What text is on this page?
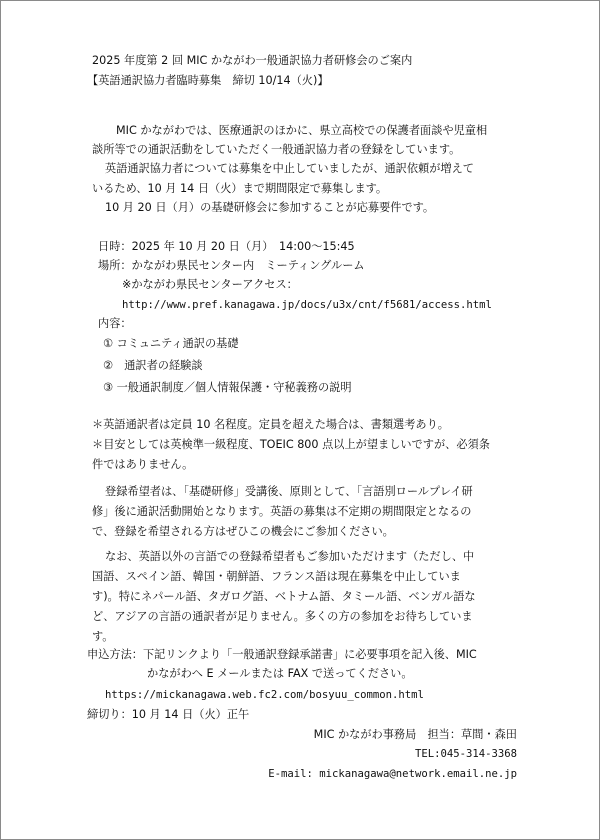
2025 年度第 2 回 MIC かながわ一般通訳協力者研修会のご案内
【英語通訳協力者臨時募集　締切 10/14（火)】
MIC かながわでは、医療通訳のほかに、県立高校での保護者面談や児童相
談所等での通訳活動をしていただく一般通訳協力者の登録をしています。
英語通訳協力者については募集を中止していましたが、通訳依頼が増えて
いるため、10 月 14 日（火）まで期間限定で募集します。
10 月 20 日（月）の基礎研修会に参加することが応募要件です。
日時：2025 年 10 月 20 日（月）　14:00～15:45
場所：かながわ県民センター内　ミーティングルーム
※かながわ県民センターアクセス：
http://www.pref.kanagawa.jp/docs/u3x/cnt/f5681/access.html
内容：
① コミュニティ通訳の基礎
②　通訳者の経験談
③ 一般通訳制度／個人情報保護・守秘義務の説明
＊英語通訳者は定員 10 名程度。定員を超えた場合は、書類選考あり。
＊目安としては英検準一級程度、TOEIC 800 点以上が望ましいですが、必須条
件ではありません。
登録希望者は、「基礎研修」受講後、原則として、「言語別ロールプレイ研
修」後に通訳活動開始となります。英語の募集は不定期の期間限定となるの
で、登録を希望される方はぜひこの機会にご参加ください。
なお、英語以外の言語での登録希望者もご参加いただけます（ただし、中
国語、スペイン語、韓国・朝鮮語、フランス語は現在募集を中止していま
す)。特にネパール語、タガログ語、ベトナム語、タミール語、ベンガル語な
ど、アジアの言語の通訳者が足りません。多くの方の参加をお待ちしていま
す。
申込方法：下記リンクより「一般通訳登録承諾書」に必要事項を記入後、MIC
かながわへ E メールまたは FAX で送ってください。
https://mickanagawa.web.fc2.com/bosyuu_common.html
締切り：10 月 14 日（火）正午
MIC かながわ事務局　担当：草間・森田
TEL:045-314-3368
E-mail: mickanagawa@network.email.ne.jp
